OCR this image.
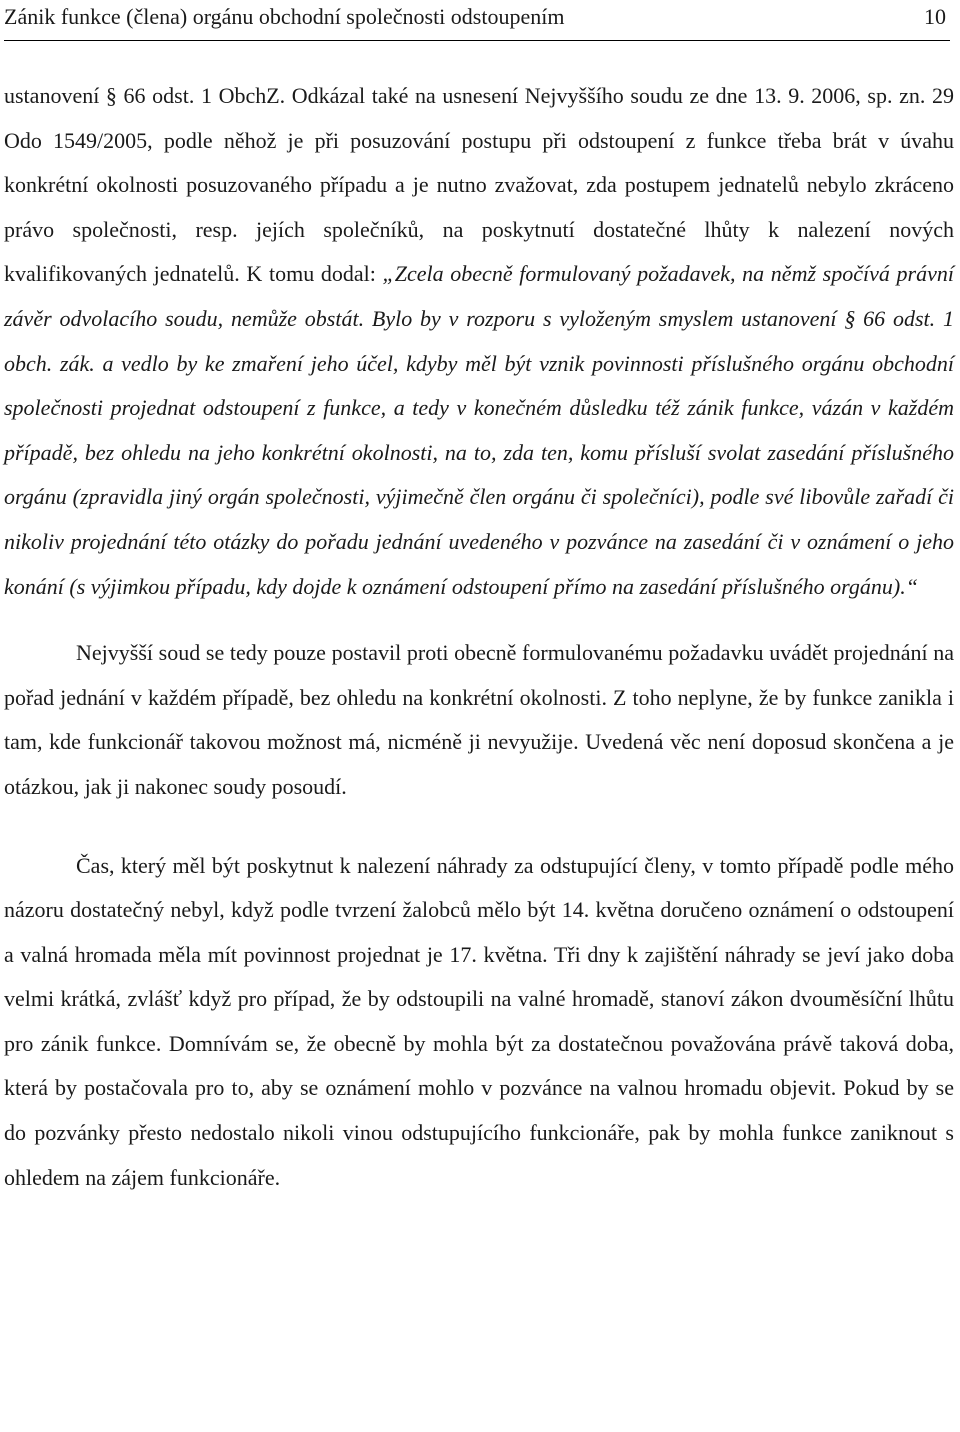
Zánik funkce (člena) orgánu obchodní společnosti odstoupením	10

ustanovení § 66 odst. 1 ObchZ. Odkázal také na usnesení Nejvyššího soudu ze dne 13. 9. 2006, sp. zn. 29 Odo 1549/2005, podle něhož je při posuzování postupu při odstoupení z funkce třeba brát v úvahu konkrétní okolnosti posuzovaného případu a je nutno zvažovat, zda postupem jednatelů nebylo zkráceno právo společnosti, resp. jejích společníků, na poskytnutí dostatečné lhůty k nalezení nových kvalifikovaných jednatelů. K tomu dodal: „Zcela obecně formulovaný požadavek, na němž spočívá právní závěr odvolacího soudu, nemůže obstát. Bylo by v rozporu s vyloženým smyslem ustanovení § 66 odst. 1 obch. zák. a vedlo by ke zmaření jeho účel, kdyby měl být vznik povinnosti příslušného orgánu obchodní společnosti projednat odstoupení z funkce, a tedy v konečném důsledku též zánik funkce, vázán v každém případě, bez ohledu na jeho konkrétní okolnosti, na to, zda ten, komu přísluší svolat zasedání příslušného orgánu (zpravidla jiný orgán společnosti, výjimečně člen orgánu či společníci), podle své libovůle zařadí či nikoliv projednání této otázky do pořadu jednání uvedeného v pozvánce na zasedání či v oznámení o jeho konání (s výjimkou případu, kdy dojde k oznámení odstoupení přímo na zasedání příslušného orgánu).“

Nejvyšší soud se tedy pouze postavil proti obecně formulovanému požadavku uvádět projednání na pořad jednání v každém případě, bez ohledu na konkrétní okolnosti. Z toho neplyne, že by funkce zanikla i tam, kde funkcionář takovou možnost má, nicméně ji nevyužije. Uvedená věc není doposud skončena a je otázkou, jak ji nakonec soudy posoudí.

Čas, který měl být poskytnut k nalezení náhrady za odstupující členy, v tomto případě podle mého názoru dostatečný nebyl, když podle tvrzení žalobců mělo být 14. května doručeno oznámení o odstoupení a valná hromada měla mít povinnost projednat je 17. května. Tři dny k zajištění náhrady se jeví jako doba velmi krátká, zvlášť když pro případ, že by odstoupili na valné hromadě, stanoví zákon dvouměsíční lhůtu pro zánik funkce. Domnívám se, že obecně by mohla být za dostatečnou považována právě taková doba, která by postačovala pro to, aby se oznámení mohlo v pozvánce na valnou hromadu objevit. Pokud by se do pozvánky přesto nedostalo nikoli vinou odstupujícího funkcionáře, pak by mohla funkce zaniknout s ohledem na zájem funkcionáře.
